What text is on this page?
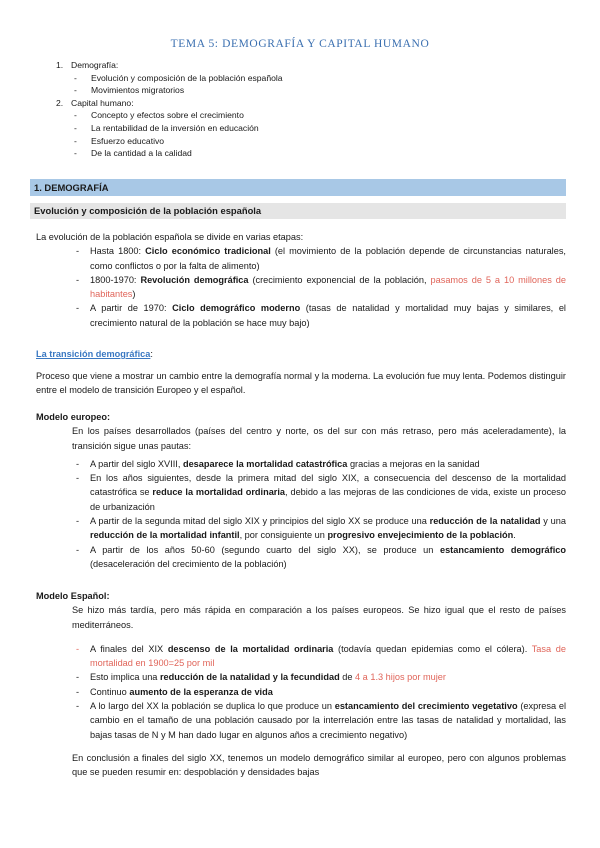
TEMA 5: DEMOGRAFÍA Y CAPITAL HUMANO
1. Demografía :
-	Evolución y composición de la población española
-	Movimientos migratorios
2. Capital humano :
-	Concepto y efectos sobre el crecimiento
-	La rentabilidad de la inversión en educación
-	Esfuerzo educativo
-	De la cantidad a la calidad
1. DEMOGRAFÍA
Evolución y composición de la población española

La evolución de la población española se divide en varias etapas:

- Hasta 1800: Ciclo económico tradicional (el movimiento de la población depende de circunstancias naturales, como conflictos o por la falta de alimento)
- 1800-1970: Revolución demográfica (crecimiento exponencial de la población, pasamos de 5 a 10 millones de habitantes)
- A partir de 1970: Ciclo demográfico moderno (tasas de natalidad y mortalidad muy bajas y similares, el crecimiento natural de la población se hace muy bajo)
La transición demográfica:
Proceso que viene a mostrar un cambio entre la demografía normal y la moderna. La evolución fue muy lenta. Podemos distinguir entre el modelo de transición Europeo y el español.
Modelo europeo:
En los países desarrollados (países del centro y norte, os del sur con más retraso, pero más aceleradamente), la transición sigue unas pautas:
- A partir del siglo XVIII, desaparece la mortalidad catastrófica gracias a mejoras en la sanidad
- En los años siguientes, desde la primera mitad del siglo XIX, a consecuencia del descenso de la mortalidad catastrófica se reduce la mortalidad ordinaria, debido a las mejoras de las condiciones de vida, existe un proceso de urbanización
- A partir de la segunda mitad del siglo XIX y principios del siglo XX se produce una reducción de la natalidad y una reducción de la mortalidad infantil, por consiguiente un progresivo envejecimiento de la población.
- A partir de los años 50-60 (segundo cuarto del siglo XX), se produce un estancamiento demográfico (desaceleración del crecimiento de la población)
Modelo Español:
Se hizo más tardía, pero más rápida en comparación a los países europeos. Se hizo igual que el resto de países mediterráneos.
- A finales del XIX descenso de la mortalidad ordinaria (todavía quedan epidemias como el cólera). Tasa de mortalidad en 1900=25 por mil
- Esto implica una reducción de la natalidad y la fecundidad de 4 a 1.3 hijos por mujer
- Continuo aumento de la esperanza de vida
- A lo largo del XX la población se duplica lo que produce un estancamiento del crecimiento vegetativo (expresa el cambio en el tamaño de una población causado por la interrelación entre las tasas de natalidad y mortalidad, las bajas tasas de N y M han dado lugar en algunos años a crecimiento negativo)
En conclusión a finales del siglo XX, tenemos un modelo demográfico similar al europeo, pero con algunos problemas que se pueden resumir en: despoblación y densidades bajas
